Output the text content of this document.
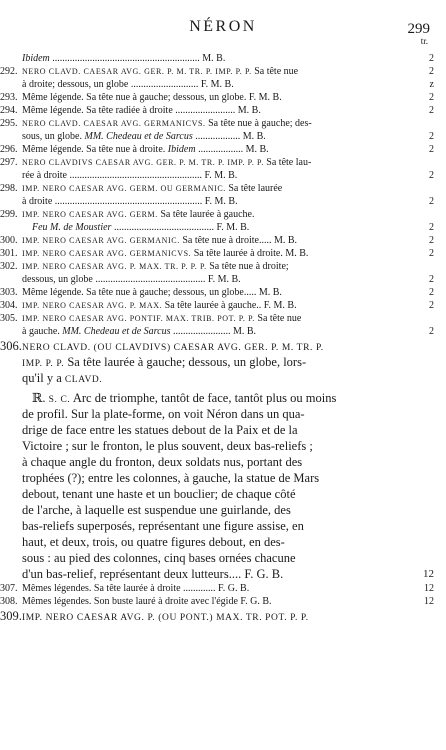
NÉRON	299
tr.
Ibidem ........................................................... M. B.	2
292. NERO CLAVD. CAESAR AVG. GER. P. M. TR. P. IMP. P. P. Sa tête nue	2
à droite; dessous, un globe ........................... F. M. B.	z
293. Même légende. Sa tête nue à gauche; dessous, un globe. F. M. B.	2
294. Même légende. Sa tête radiée à droite ........................ M. B.	2
295. NERO CLAVD. CAESAR AVG. GERMANICVS. Sa tête nue à gauche; des-
sous, un globe. MM. Chedeau et de Sarcus .................. M. B.	2
296. Même légende. Sa tête nue à droite. Ibidem .................. M. B.	2
297. NERO CLAVDIVS CAESAR AVG. GER. P. M. TR. P. IMP. P. P. Sa tête lau-
rée à droite ..................................................... F. M. B.	2
298. IMP. NERO CAESAR AVG. GERM. OU GERMANIC. Sa tête laurée
à droite ........................................................... F. M. B.	2
299. IMP. NERO CAESAR AVG. GERM. Sa tête laurée à gauche.
Feu M. de Moustier ........................................ F. M. B.	2
300. IMP. NERO CAESAR AVG. GERMANIC. Sa tête nue à droite..... M. B.	2
301. IMP. NERO CAESAR AVG. GERMANICVS. Sa tête laurée à droite. M. B.	2
302. IMP. NERO CAESAR AVG. P. MAX. TR. P. P. P. Sa tête nue à droite;
dessous, un globe ............................................ F. M. B.	2
303. Même légende. Sa tête nue à gauche; dessous, un globe..... M. B.	2
304. IMP. NERO CAESAR AVG. P. MAX. Sa tête laurée à gauche.. F. M. B.	2
305. IMP. NERO CAESAR AVG. PONTIF. MAX. TRIB. POT. P. P. Sa tête nue
à gauche. MM. Chedeau et de Sarcus ....................... M. B.	2
306. NERO CLAVD. (OU CLAVDIVS) CAESAR AVG. GER. P. M. TR. P.
IMP. P. P. Sa tête laurée à gauche; dessous, un globe, lors-
qu'il y a CLAVD.
ℝ. S. C. Arc de triomphe, tantôt de face, tantôt plus ou moins
de profil. Sur la plate-forme, on voit Néron dans un qua-
drige de face entre les statues debout de la Paix et de la
Victoire ; sur le fronton, le plus souvent, deux bas-reliefs ;
à chaque angle du fronton, deux soldats nus, portant des
trophées (?); entre les colonnes, à gauche, la statue de Mars
debout, tenant une haste et un bouclier; de chaque côté
de l'arche, à laquelle est suspendue une guirlande, des
bas-reliefs superposés, représentant une figure assise, en
haut, et deux, trois, ou quatre figures debout, en des-
sous : au pied des colonnes, cinq bases ornées chacune
d'un bas-relief, représentant deux lutteurs.... F. G. B.	12
307. Mêmes légendes. Sa tête laurée à droite ............. F. G. B.	12
308. Mêmes légendes. Son buste lauré à droite avec l'égide F. G. B.	12
309. IMP. NERO CAESAR AVG. P. (OU PONT.) MAX. TR. POT. P. P.
